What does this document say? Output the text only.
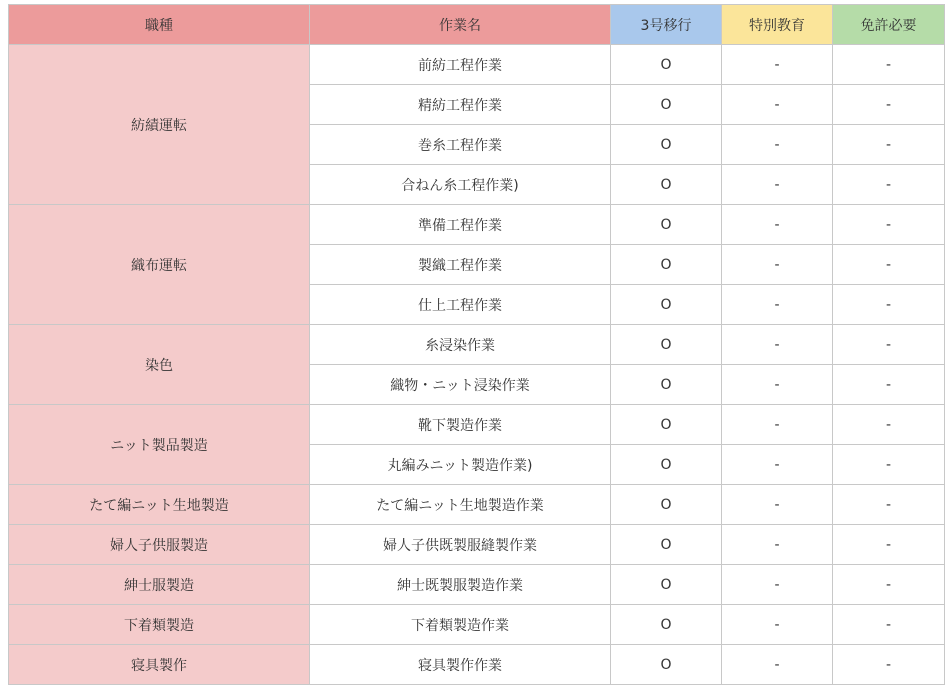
職種	作業名	3号移行	特別教育	免許必要
紡績運転	前紡工程作業	O	-	-
	精紡工程作業	O	-	-
	巻糸工程作業	O	-	-
	合ねん糸工程作業)	O	-	-
織布運転	準備工程作業	O	-	-
	製織工程作業	O	-	-
	仕上工程作業	O	-	-
染色	糸浸染作業	O	-	-
	織物・ニット浸染作業	O	-	-
ニット製品製造	靴下製造作業	O	-	-
	丸編みニット製造作業)	O	-	-
たて編ニット生地製造	たて編ニット生地製造作業	O	-	-
婦人子供服製造	婦人子供既製服縫製作業	O	-	-
紳士服製造	紳士既製服製造作業	O	-	-
下着類製造	下着類製造作業	O	-	-
寝具製作	寝具製作作業	O	-	-
